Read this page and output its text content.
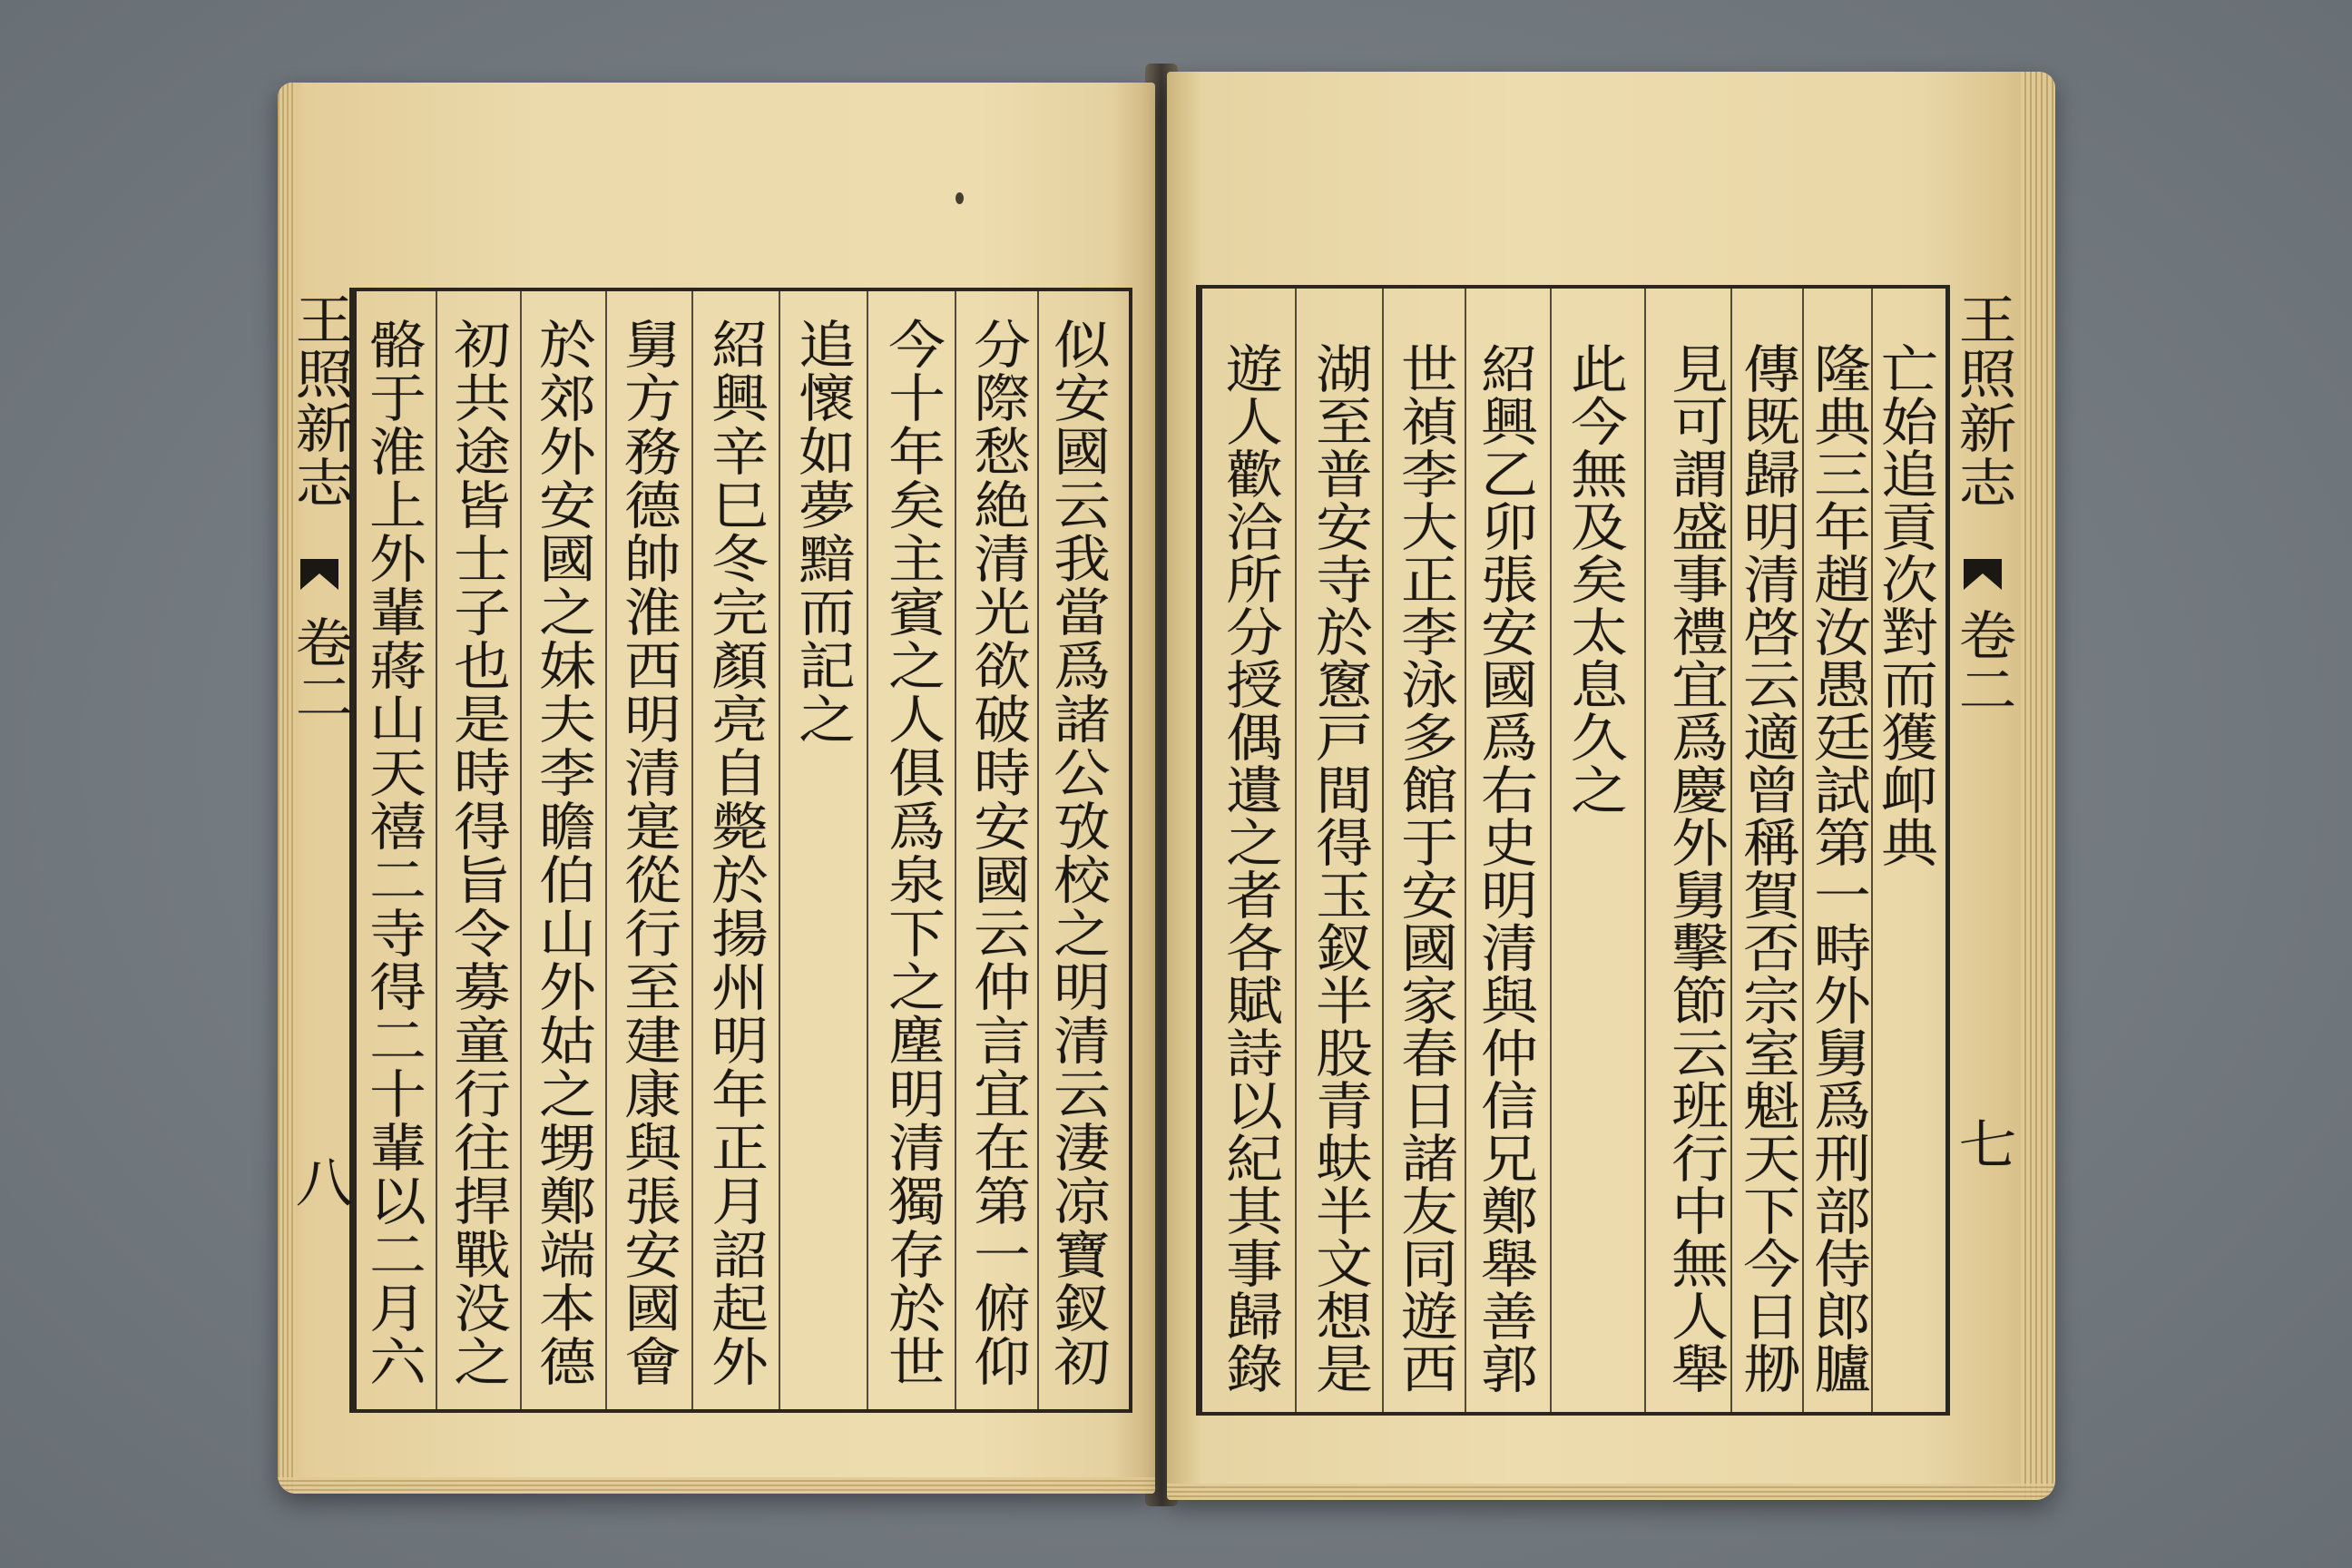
似安國云我當爲諸公攷校之明清云淒凉寶釵初
分際愁絶清光欲破時安國云仲言宜在第一俯仰
今十年矣主賓之人俱爲泉下之塵明清獨存於世
追懷如夢黯而記之
紹興辛巳冬完顏亮自斃於揚州明年正月詔起外
舅方務德帥淮西明清寔從行至建康與張安國會
於郊外安國之妹夫李瞻伯山外姑之甥鄭端本德
初共途皆士子也是時得旨令募童行往捍戰没之
骼于淮上外輩蔣山天禧二寺得二十輩以二月六
王照新志
卷二
八
亡始追貢次對而獲卹典
隆典三年趙汝愚廷試第一畤外舅爲刑部侍郎臚
傳既歸明清啓云適曾稱賀否宗室魁天下今日刱
見可謂盛事禮宜爲慶外舅擊節云班行中無人舉
此今無及矣太息久之
紹興乙卯張安國爲右史明清與仲信兄鄭舉善郭
世禎李大正李泳多館于安國家春日諸友同遊西
湖至普安寺於窻戸間得玉釵半股青蚨半文想是
遊人歡洽所分授偶遺之者各賦詩以紀其事歸錄	王照新志
卷二
七
